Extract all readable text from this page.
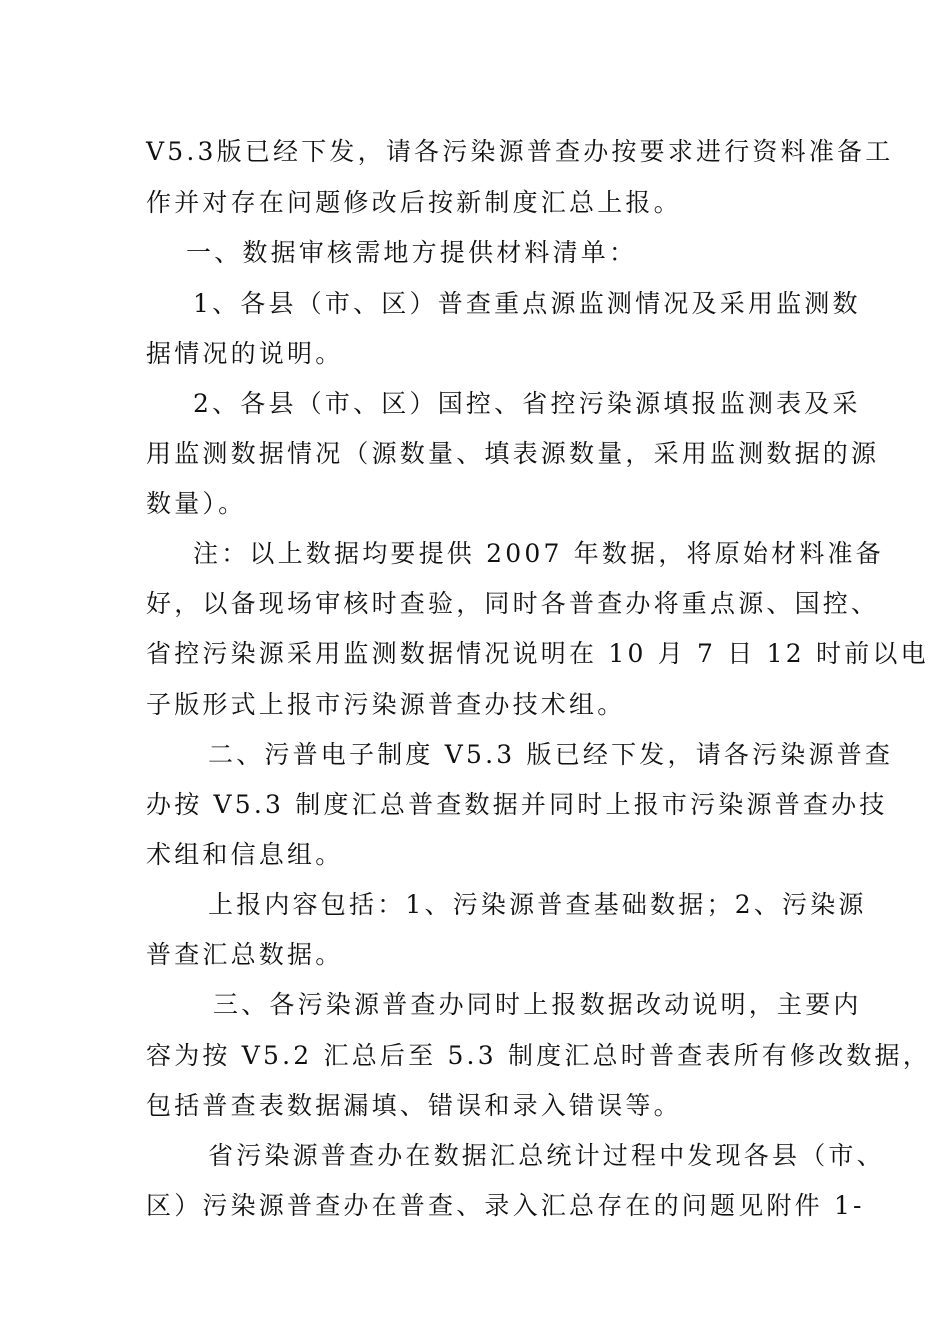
V5.3版已经下发，请各污染源普查办按要求进行资料准备工
作并对存在问题修改后按新制度汇总上报。
一、数据审核需地方提供材料清单：
1、各县（市、区）普查重点源监测情况及采用监测数
据情况的说明。
2、各县（市、区）国控、省控污染源填报监测表及采
用监测数据情况（源数量、填表源数量，采用监测数据的源
数量）。
注：以上数据均要提供 2007 年数据，将原始材料准备
好，以备现场审核时查验，同时各普查办将重点源、国控、
省控污染源采用监测数据情况说明在 10 月 7 日 12 时前以电
子版形式上报市污染源普查办技术组。
二、污普电子制度 V5.3 版已经下发，请各污染源普查
办按 V5.3 制度汇总普查数据并同时上报市污染源普查办技
术组和信息组。
上报内容包括：1、污染源普查基础数据；2、污染源
普查汇总数据。
三、各污染源普查办同时上报数据改动说明，主要内
容为按 V5.2 汇总后至 5.3 制度汇总时普查表所有修改数据，
包括普查表数据漏填、错误和录入错误等。
省污染源普查办在数据汇总统计过程中发现各县（市、
区）污染源普查办在普查、录入汇总存在的问题见附件 1-
